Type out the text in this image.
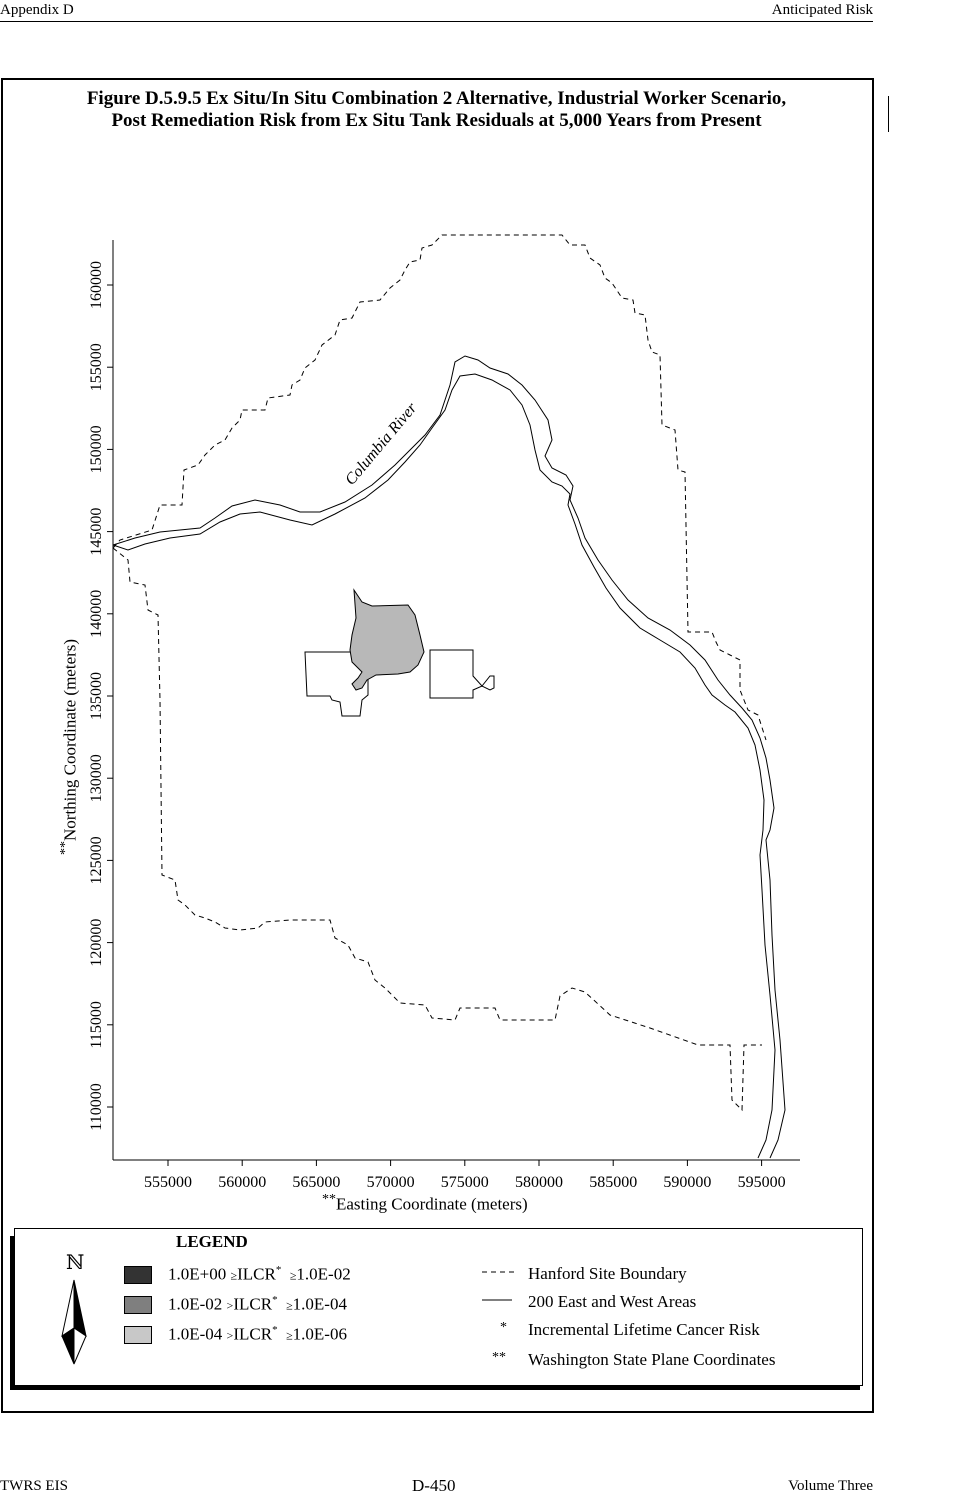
Appendix D	Anticipated Risk
Figure D.5.9.5 Ex Situ/In Situ Combination 2 Alternative, Industrial Worker Scenario,
Post Remediation Risk from Ex Situ Tank Residuals at 5,000 Years from Present
555000 560000 565000 570000 575000 580000 585000 590000 595000
160000
155000
150000
145000
140000
135000
130000
125000
120000
115000
110000
Columbia River
**Easting Coordinate (meters)
**Northing Coordinate (meters)
LEGEND
ℕ
1.0E+00 ≥ILCR* ≥1.0E-02
1.0E-02 >ILCR* ≥1.0E-04
1.0E-04 >ILCR* ≥1.0E-06
Hanford Site Boundary
200 East and West Areas
* Incremental Lifetime Cancer Risk
** Washington State Plane Coordinates
TWRS EIS	D-450	Volume Three
